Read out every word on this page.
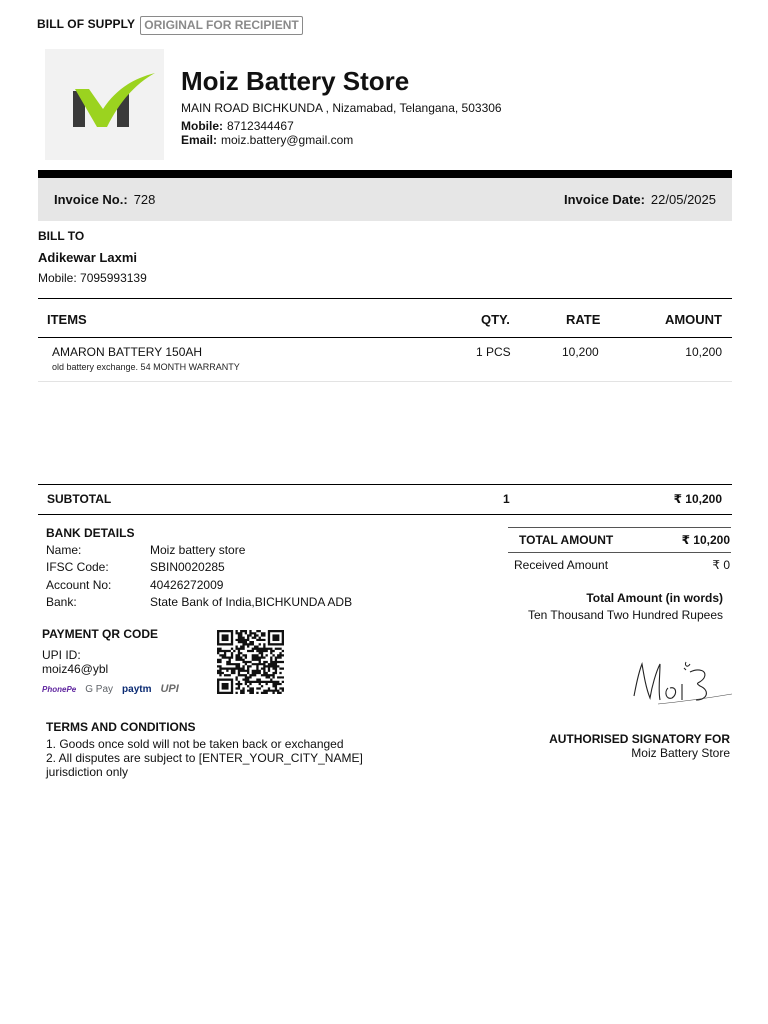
BILL OF SUPPLY ORIGINAL FOR RECIPIENT
Moiz Battery Store
MAIN ROAD BICHKUNDA , Nizamabad, Telangana, 503306
Mobile: 8712344467
Email: moiz.battery@gmail.com
Invoice No.: 728	Invoice Date: 22/05/2025
BILL TO
Adikewar Laxmi
Mobile: 7095993139
ITEMS	QTY.	RATE	AMOUNT
AMARON BATTERY 150AH
old battery exchange. 54 MONTH WARRANTY
1 PCS	10,200	10,200
SUBTOTAL	1	₹ 10,200
BANK DETAILS
Name:	Moiz battery store
IFSC Code:	SBIN0020285
Account No:	40426272009
Bank:	State Bank of India,BICHKUNDA ADB
TOTAL AMOUNT	₹ 10,200
Received Amount	₹ 0
Total Amount (in words)
Ten Thousand Two Hundred Rupees
PAYMENT QR CODE
UPI ID:
moiz46@ybl
PhonePe G Pay paytm UPI
TERMS AND CONDITIONS
1. Goods once sold will not be taken back or exchanged
2. All disputes are subject to [ENTER_YOUR_CITY_NAME]
jurisdiction only
AUTHORISED SIGNATORY FOR
Moiz Battery Store
